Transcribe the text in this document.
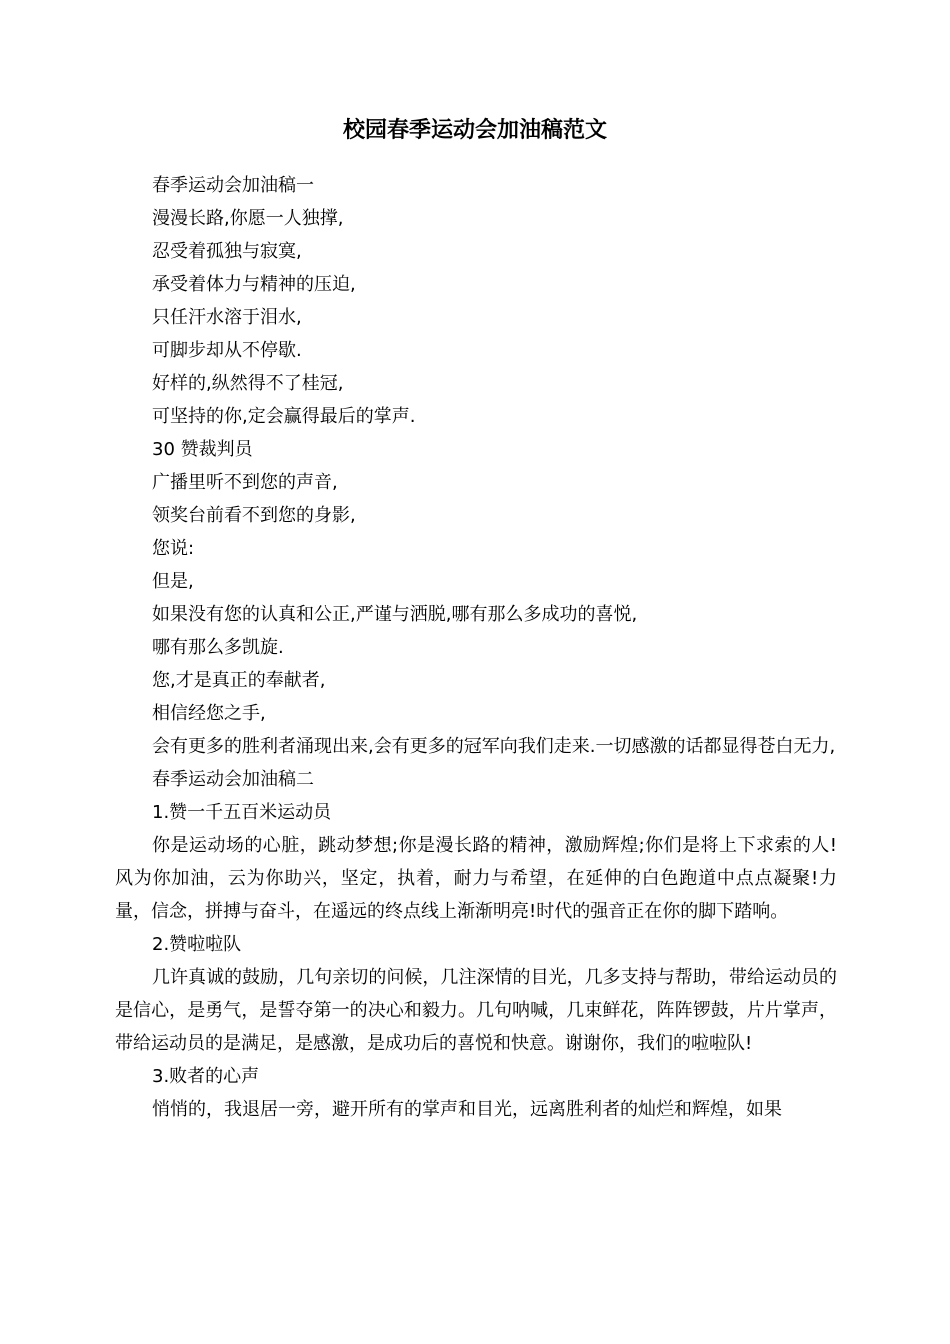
校园春季运动会加油稿范文
春季运动会加油稿一
漫漫长路,你愿一人独撑,
忍受着孤独与寂寞,
承受着体力与精神的压迫,
只任汗水溶于泪水,
可脚步却从不停歇.
好样的,纵然得不了桂冠,
可坚持的你,定会赢得最后的掌声.
30 赞裁判员
广播里听不到您的声音,
领奖台前看不到您的身影,
您说:
但是,
如果没有您的认真和公正,严谨与洒脱,哪有那么多成功的喜悦,
哪有那么多凯旋.
您,才是真正的奉献者,
相信经您之手,
会有更多的胜利者涌现出来,会有更多的冠军向我们走来.一切感激的话都显得苍白无力,
春季运动会加油稿二
1.赞一千五百米运动员
你是运动场的心脏，跳动梦想;你是漫长路的精神，激励辉煌;你们是将上下求索的人!风为你加油，云为你助兴，坚定，执着，耐力与希望，在延伸的白色跑道中点点凝聚!力量，信念，拼搏与奋斗，在遥远的终点线上渐渐明亮!时代的强音正在你的脚下踏响。
2.赞啦啦队
几许真诚的鼓励，几句亲切的问候，几注深情的目光，几多支持与帮助，带给运动员的是信心，是勇气，是誓夺第一的决心和毅力。几句呐喊，几束鲜花，阵阵锣鼓，片片掌声，带给运动员的是满足，是感激，是成功后的喜悦和快意。谢谢你，我们的啦啦队!
3.败者的心声
悄悄的，我退居一旁，避开所有的掌声和目光，远离胜利者的灿烂和辉煌，如果
